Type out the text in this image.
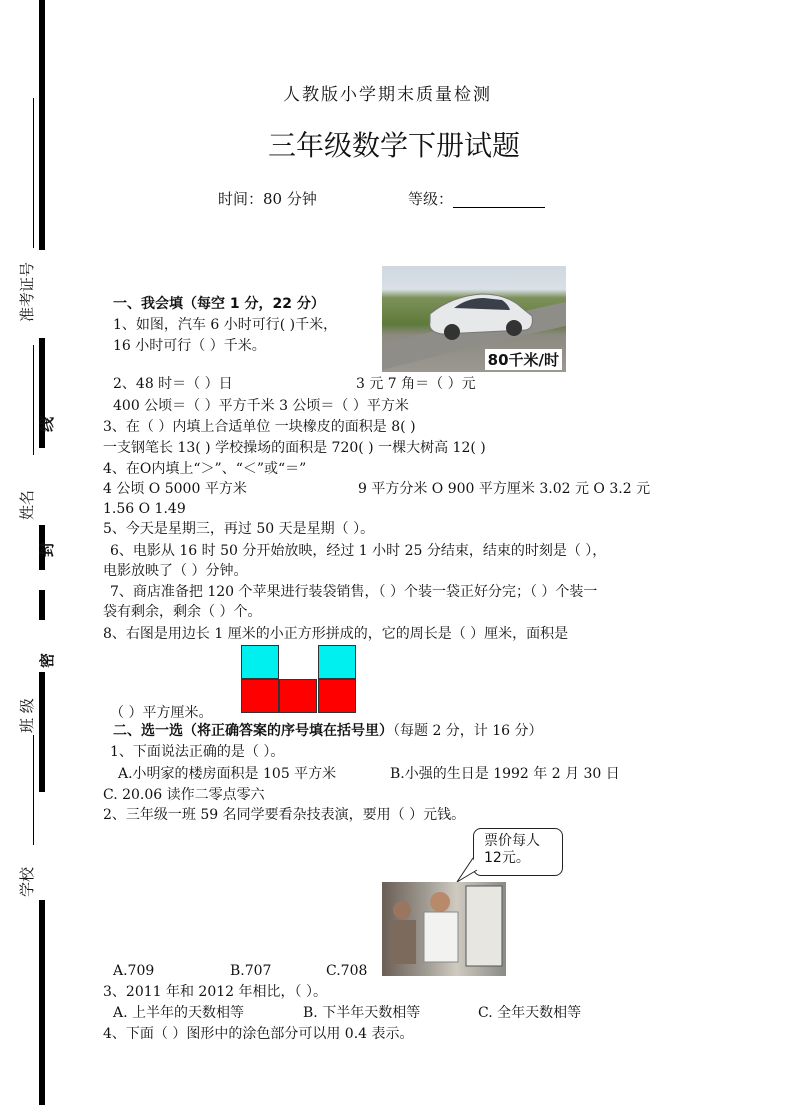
准考证号
线
姓名
封
密
班 级
学校
人教版小学期末质量检测
三年级数学下册试题
时间：80 分钟	等级：
80千米/时
一、我会填（每空 1 分，22 分）
1、如图，汽车 6 小时可行( )千米，
16 小时可行（ ）千米。
2、48 时＝（ ）日	3 元 7 角＝（ ）元
400 公顷＝（ ）平方千米 3 公顷＝（ ）平方米
3、在（ ）内填上合适单位 一块橡皮的面积是 8( )
一支钢笔长 13( ) 学校操场的面积是 720( ) 一棵大树高 12( )
4、在O内填上“＞”、“＜”或“＝”
4 公顷 O 5000 平方米	9 平方分米 O 900 平方厘米 3.02 元 O 3.2 元
1.56 O 1.49
5、今天是星期三，再过 50 天是星期（ ）。
6、电影从 16 时 50 分开始放映，经过 1 小时 25 分结束，结束的时刻是（ ），
电影放映了（ ）分钟。
7、商店准备把 120 个苹果进行装袋销售，（ ）个装一袋正好分完；（ ）个装一
袋有剩余，剩余（ ）个。
8、右图是用边长 1 厘米的小正方形拼成的，它的周长是（ ）厘米，面积是
（ ）平方厘米。
二、选一选（将正确答案的序号填在括号里）（每题 2 分，计 16 分）
1、下面说法正确的是（ ）。
A.小明家的楼房面积是 105 平方米	B.小强的生日是 1992 年 2 月 30 日
C. 20.06 读作二零点零六
2、三年级一班 59 名同学要看杂技表演，要用（ ）元钱。
票价每人
12元。
A.709	B.707	C.708
3、2011 年和 2012 年相比，（ ）。
A. 上半年的天数相等	B. 下半年天数相等	C. 全年天数相等
4、下面（ ）图形中的涂色部分可以用 0.4 表示。
